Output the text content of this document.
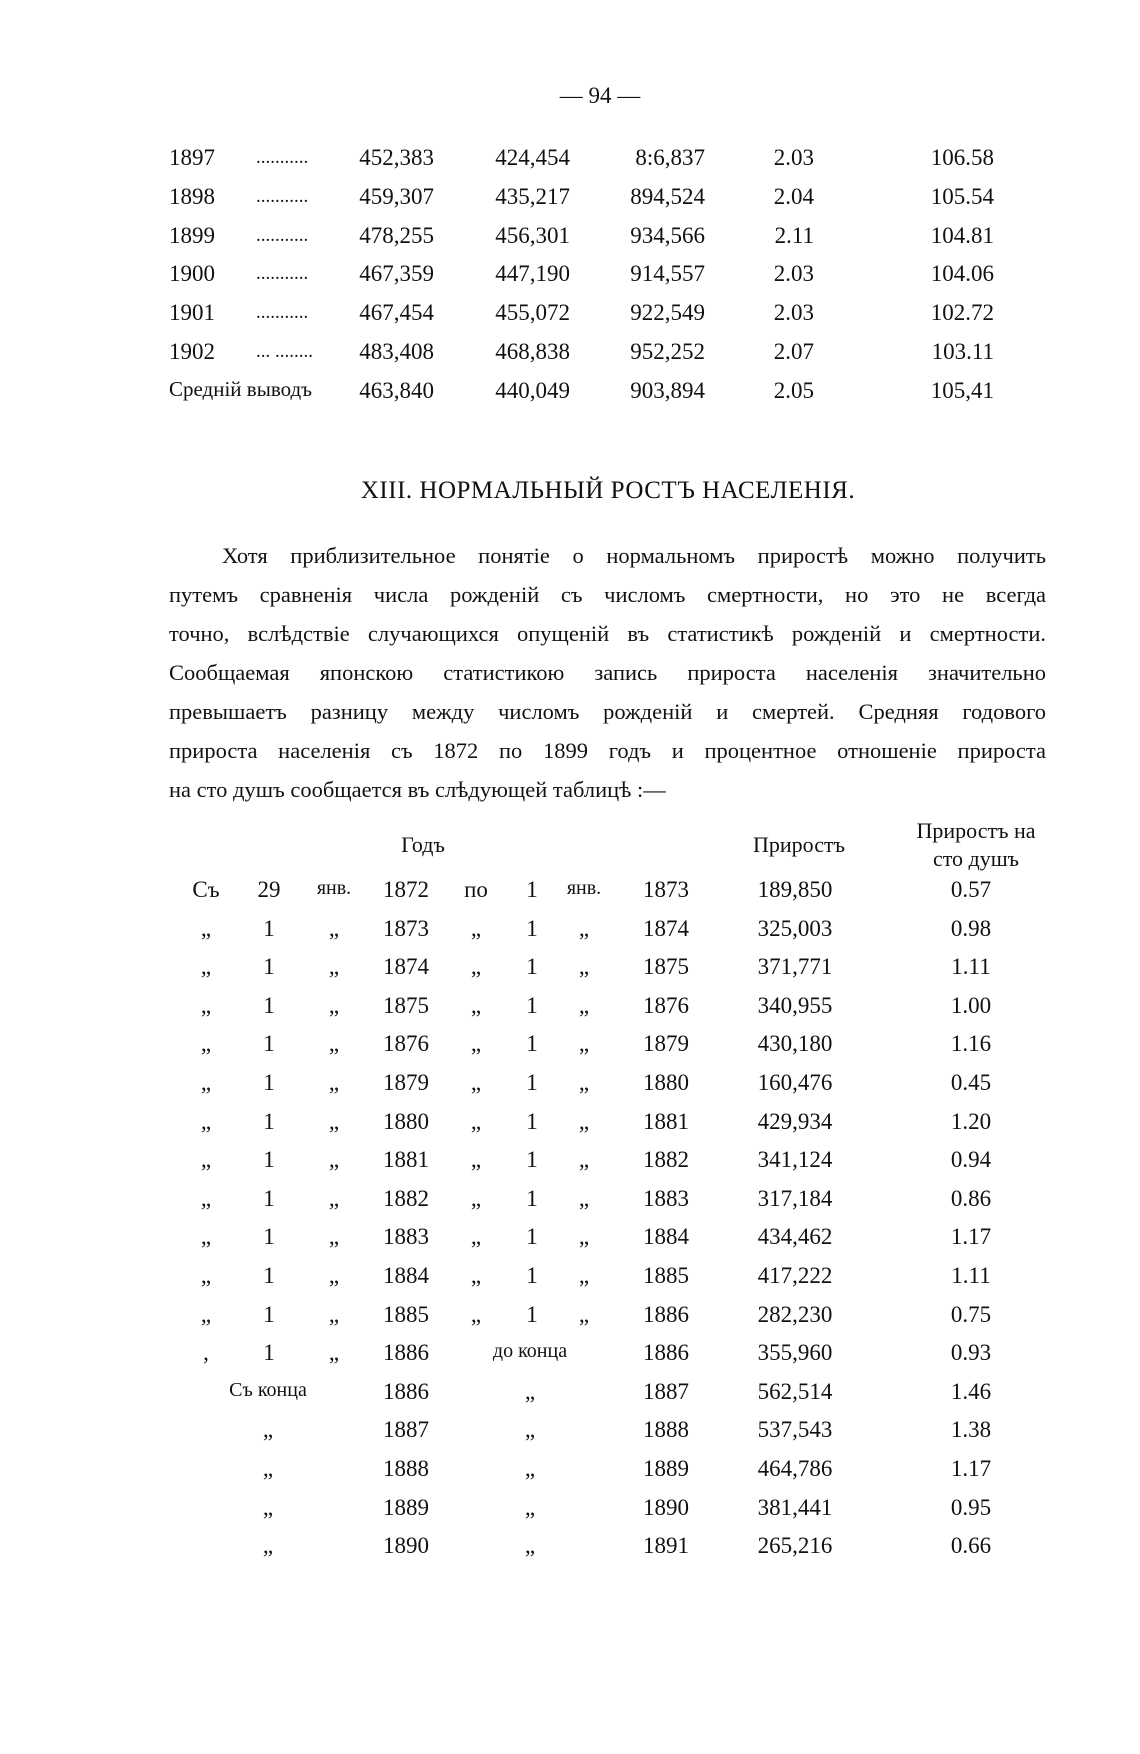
— 94 —
1897 ........... 452,383	424,454	8:6,837	2.03	106.58
1898 ........... 459,307	435,217	894,524	2.04	105.54
1899 ........... 478,255	456,301	934,566	2.11	104.81
1900 ........... 467,359	447,190	914,557	2.03	104.06
1901 ........... 467,454	455,072	922,549	2.03	102.72
1902 ... ........ 483,408	468,838	952,252	2.07	103.11
Средній выводъ 463,840	440,049	903,894	2.05	105,41
XIII. НОРМАЛЬНЫЙ РОСТЪ НАСЕЛЕНІЯ.
Хотя приблизительное понятіе о нормальномъ приростѣ можно получить
путемъ сравненія числа рожденій съ числомъ смертности, но это не всегда
точно, вслѣдствіе случающихся опущеній въ статистикѣ рожденій и смертности.
Сообщаемая японскою статистикою запись прироста населенія значительно
превышаетъ разницу между числомъ рожденій и смертей. Средняя годового
прироста населенія съ 1872 по 1899 годъ и процентное отношеніе прироста
на сто душъ сообщается въ слѣдующей таблицѣ :—
Годъ	Приростъ
Приростъ на
сто душъ
Съ 29 янв. 1872 по 1 янв. 1873	189,850	0.57
„ 1 „ 1873 „ 1 „ 1874	325,003	0.98
„ 1 „ 1874 „ 1 „ 1875	371,771	1.11
„ 1 „ 1875 „ 1 „ 1876	340,955	1.00
„ 1 „ 1876 „ 1 „ 1879	430,180	1.16
„ 1 „ 1879 „ 1 „ 1880	160,476	0.45
„ 1 „ 1880 „ 1 „ 1881	429,934	1.20
„ 1 „ 1881 „ 1 „ 1882	341,124	0.94
„ 1 „ 1882 „ 1 „ 1883	317,184	0.86
„ 1 „ 1883 „ 1 „ 1884	434,462	1.17
„ 1 „ 1884 „ 1 „ 1885	417,222	1.11
„ 1 „ 1885 „ 1 „ 1886	282,230	0.75
, 1 „ 1886	до конца	1886	355,960	0.93
Съ конца	1886	„	1887	562,514	1.46
„	1887	„	1888	537,543	1.38
„	1888	„	1889	464,786	1.17
„	1889	„	1890	381,441	0.95
„	1890	„	1891	265,216	0.66
